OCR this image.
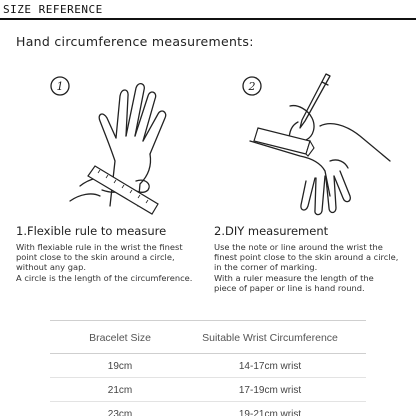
SIZE REFERENCE
Hand circumference measurements:
1	2
1.Flexible rule to measure	2.DIY measurement
With flexiable rule in the wrist the finest
point close to the skin around a circle,
without any gap.
A circle is the length of the circumference.
Use the note or line around the wrist the
finest point close to the skin around a circle,
in the corner of marking.
With a ruler measure the length of the
piece of paper or line is hand round.
Bracelet Size	Suitable Wrist Circumference
19cm	14-17cm wrist
21cm	17-19cm wrist
23cm	19-21cm wrist
